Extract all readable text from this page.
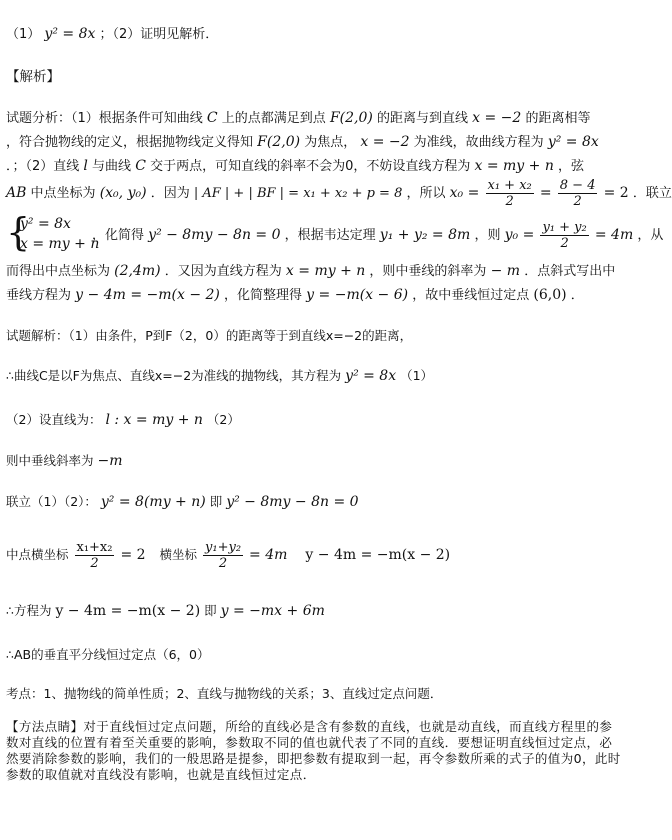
（1） y² = 8x ；（2）证明见解析．
【解析】
试题分析：（1）根据条件可知曲线 C 上的点都满足到点 F(2,0) 的距离与到直线 x = −2 的距离相等
，符合抛物线的定义，根据抛物线定义得知 F(2,0) 为焦点， x = −2 为准线，故曲线方程为 y² = 8x
．；（2）直线 l 与曲线 C 交于两点，可知直线的斜率不会为0，不妨设直线方程为 x = my + n ，弦
AB 中点坐标为 (x₀, y₀) ．因为 | AF | + | BF | = x₁ + x₂ + p = 8 ，所以 $x_0 = \frac{\text{x₁ + x₂}}{2} = \frac{8 - 4}{2} = 2$ ．联立
{
y² = 8x
x = my + n
，化简得 y² − 8my − 8n = 0 ，根据韦达定理 y₁ + y₂ = 8m ，则 $y_0 = \frac{\text{y₁ + y₂}}{2} = 4m$ ，从
而得出中点坐标为 (2,4m) ．又因为直线方程为 x = my + n ，则中垂线的斜率为 − m ．点斜式写出中
垂线方程为 y − 4m = −m(x − 2) ，化简整理得 y = −m(x − 6) ，故中垂线恒过定点 (6,0) ．
试题解析：（1）由条件，P到F（2，0）的距离等于到直线x=−2的距离，
∴曲线C是以F为焦点、直线x=−2为准线的抛物线，其方程为 y² = 8x （1）
（2）设直线为： l : x = my + n （2）
则中垂线斜率为 −m
联立（1）（2）： y² = 8(my + n) 即 y² − 8my − 8n = 0
中点横坐标 $\frac{\text{x₁+x₂}}{2} = 2$ 横坐标 $\frac{\text{y₁+y₂}}{2} = 4m$ y − 4m = −m(x − 2)
∴方程为 y − 4m = −m(x − 2) 即 y = −mx + 6m
∴AB的垂直平分线恒过定点（6，0）
考点：1、抛物线的简单性质；2、直线与抛物线的关系；3、直线过定点问题．
【方法点睛】对于直线恒过定点问题，所给的直线必是含有参数的直线，也就是动直线，而直线方程里的参数对直线的位置有着至关重要的影响，参数取不同的值也就代表了不同的直线．要想证明直线恒过定点，必然要消除参数的影响，我们的一般思路是提参，即把参数有提取到一起，再令参数所乘的式子的值为0，此时参数的取值就对直线没有影响，也就是直线恒过定点．
